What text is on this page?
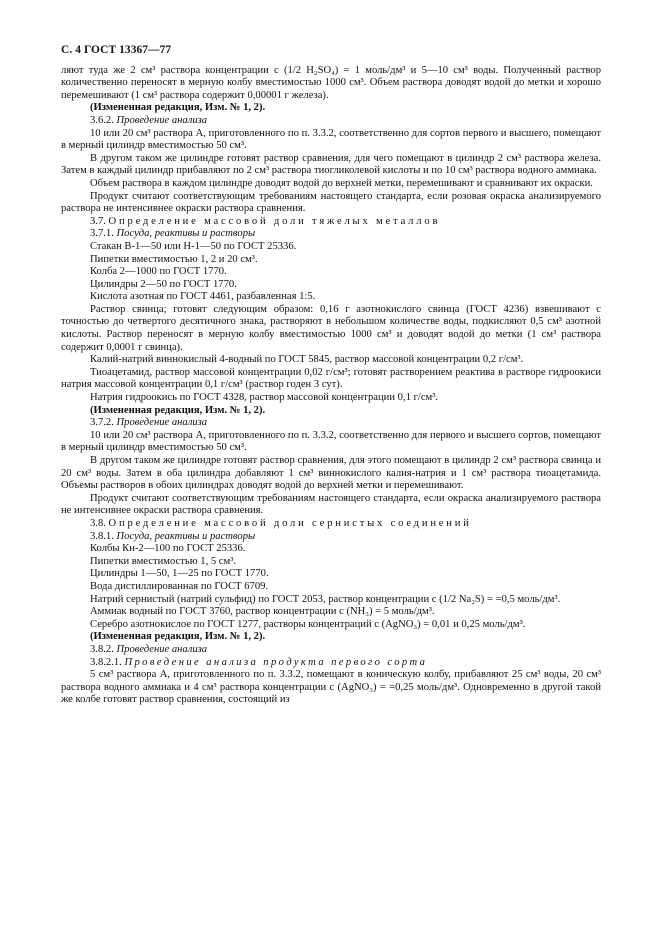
С. 4 ГОСТ 13367—77

ляют туда же 2 см³ раствора концентрации c (1/2 H₂SO₄) = 1 моль/дм³ и 5—10 см³ воды. Полученный раствор количественно переносят в мерную колбу вместимостью 1000 см³. Объем раствора доводят водой до метки и хорошо перемешивают (1 см³ раствора содержит 0,00001 г железа).

(Измененная редакция, Изм. № 1, 2).

3.6.2. Проведение анализа

10 или 20 см³ раствора А, приготовленного по п. 3.3.2, соответственно для сортов первого и высшего, помещают в мерный цилиндр вместимостью 50 см³.

В другом таком же цилиндре готовят раствор сравнения, для чего помещают в цилиндр 2 см³ раствора железа. Затем в каждый цилиндр прибавляют по 2 см³ раствора тиогликолевой кислоты и по 10 см³ раствора водного аммиака.

Объем раствора в каждом цилиндре доводят водой до верхней метки, перемешивают и сравнивают их окраски.

Продукт считают соответствующим требованиям настоящего стандарта, если розовая окраска анализируемого раствора не интенсивнее окраски раствора сравнения.

3.7. Определение массовой доли тяжелых металлов

3.7.1. Посуда, реактивы и растворы

Стакан В-1—50 или Н-1—50 по ГОСТ 25336.

Пипетки вместимостью 1, 2 и 20 см³.

Колба 2—1000 по ГОСТ 1770.

Цилиндры 2—50 по ГОСТ 1770.

Кислота азотная по ГОСТ 4461, разбавленная 1:5.

Раствор свинца; готовят следующим образом: 0,16 г азотнокислого свинца (ГОСТ 4236) взвешивают с точностью до четвертого десятичного знака, растворяют в небольшом количестве воды, подкисляют 0,5 см³ азотной кислоты. Раствор переносят в мерную колбу вместимостью 1000 см³ и доводят водой до метки (1 см³ раствора содержит 0,0001 г свинца).

Калий-натрий виннокислый 4-водный по ГОСТ 5845, раствор массовой концентрации 0,2 г/см³.

Тиоацетамид, раствор массовой концентрации 0,02 г/см³; готовят растворением реактива в растворе гидроокиси натрия массовой концентрации 0,1 г/см³ (раствор годен 3 сут).

Натрия гидроокись по ГОСТ 4328, раствор массовой концентрации 0,1 г/см³.

(Измененная редакция, Изм. № 1, 2).

3.7.2. Проведение анализа

10 или 20 см³ раствора А, приготовленного по п. 3.3.2, соответственно для первого и высшего сортов, помещают в мерный цилиндр вместимостью 50 см³.

В другом таком же цилиндре готовят раствор сравнения, для этого помещают в цилиндр 2 см³ раствора свинца и 20 см³ воды. Затем в оба цилиндра добавляют 1 см³ виннокислого калия-натрия и 1 см³ раствора тиоацетамида. Объемы растворов в обоих цилиндрах доводят водой до верхней метки и перемешивают.

Продукт считают соответствующим требованиям настоящего стандарта, если окраска анализируемого раствора не интенсивнее окраски раствора сравнения.

3.8. Определение массовой доли сернистых соединений

3.8.1. Посуда, реактивы и растворы

Колбы Кн-2—100 по ГОСТ 25336.

Пипетки вместимостью 1, 5 см³.

Цилиндры 1—50, 1—25 по ГОСТ 1770.

Вода дистиллированная по ГОСТ 6709.

Натрий сернистый (натрий сульфид) по ГОСТ 2053, раствор концентрации c (1/2 Na₂S) = =0,5 моль/дм³.

Аммиак водный по ГОСТ 3760, раствор концентрации c (NH₃) = 5 моль/дм³.

Серебро азотнокислое по ГОСТ 1277, растворы концентраций c (AgNO₃) = 0,01 и 0,25 моль/дм³.

(Измененная редакция, Изм. № 1, 2).

3.8.2. Проведение анализа

3.8.2.1. Проведение анализа продукта первого сорта

5 см³ раствора А, приготовленного по п. 3.3.2, помещают в коническую колбу, прибавляют 25 см³ воды, 20 см³ раствора водного аммиака и 4 см³ раствора концентрации c (AgNO₃) = =0,25 моль/дм³. Одновременно в другой такой же колбе готовят раствор сравнения, состоящий из
